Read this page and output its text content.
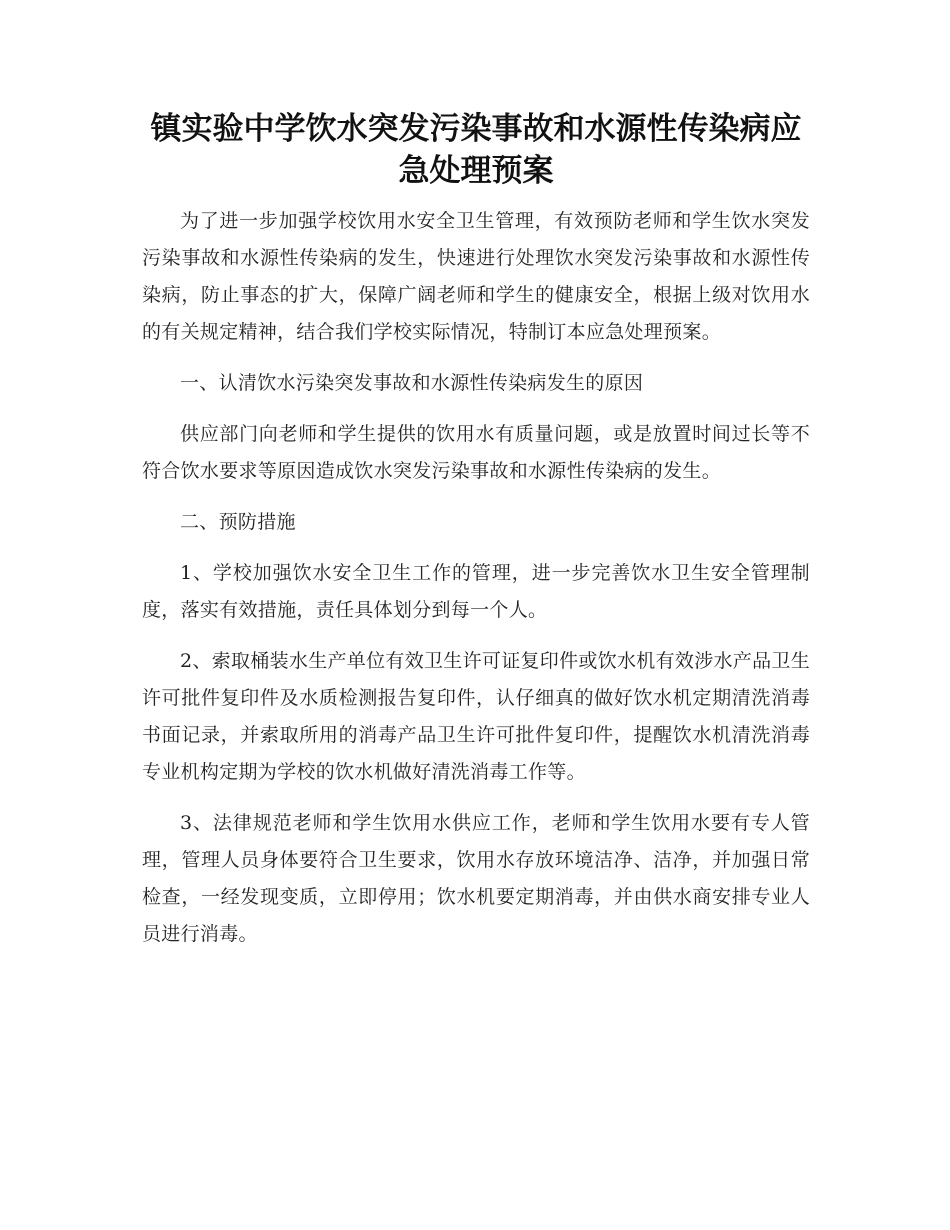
镇实验中学饮水突发污染事故和水源性传染病应急处理预案

为了进一步加强学校饮用水安全卫生管理，有效预防老师和学生饮水突发污染事故和水源性传染病的发生，快速进行处理饮水突发污染事故和水源性传染病，防止事态的扩大，保障广阔老师和学生的健康安全，根据上级对饮用水的有关规定精神，结合我们学校实际情况，特制订本应急处理预案。

一、认清饮水污染突发事故和水源性传染病发生的原因

供应部门向老师和学生提供的饮用水有质量问题，或是放置时间过长等不符合饮水要求等原因造成饮水突发污染事故和水源性传染病的发生。

二、预防措施

1、学校加强饮水安全卫生工作的管理，进一步完善饮水卫生安全管理制度，落实有效措施，责任具体划分到每一个人。

2、索取桶装水生产单位有效卫生许可证复印件或饮水机有效涉水产品卫生许可批件复印件及水质检测报告复印件，认仔细真的做好饮水机定期清洗消毒书面记录，并索取所用的消毒产品卫生许可批件复印件，提醒饮水机清洗消毒专业机构定期为学校的饮水机做好清洗消毒工作等。

3、法律规范老师和学生饮用水供应工作，老师和学生饮用水要有专人管理，管理人员身体要符合卫生要求，饮用水存放环境洁净、洁净，并加强日常检查，一经发现变质，立即停用；饮水机要定期消毒，并由供水商安排专业人员进行消毒。
